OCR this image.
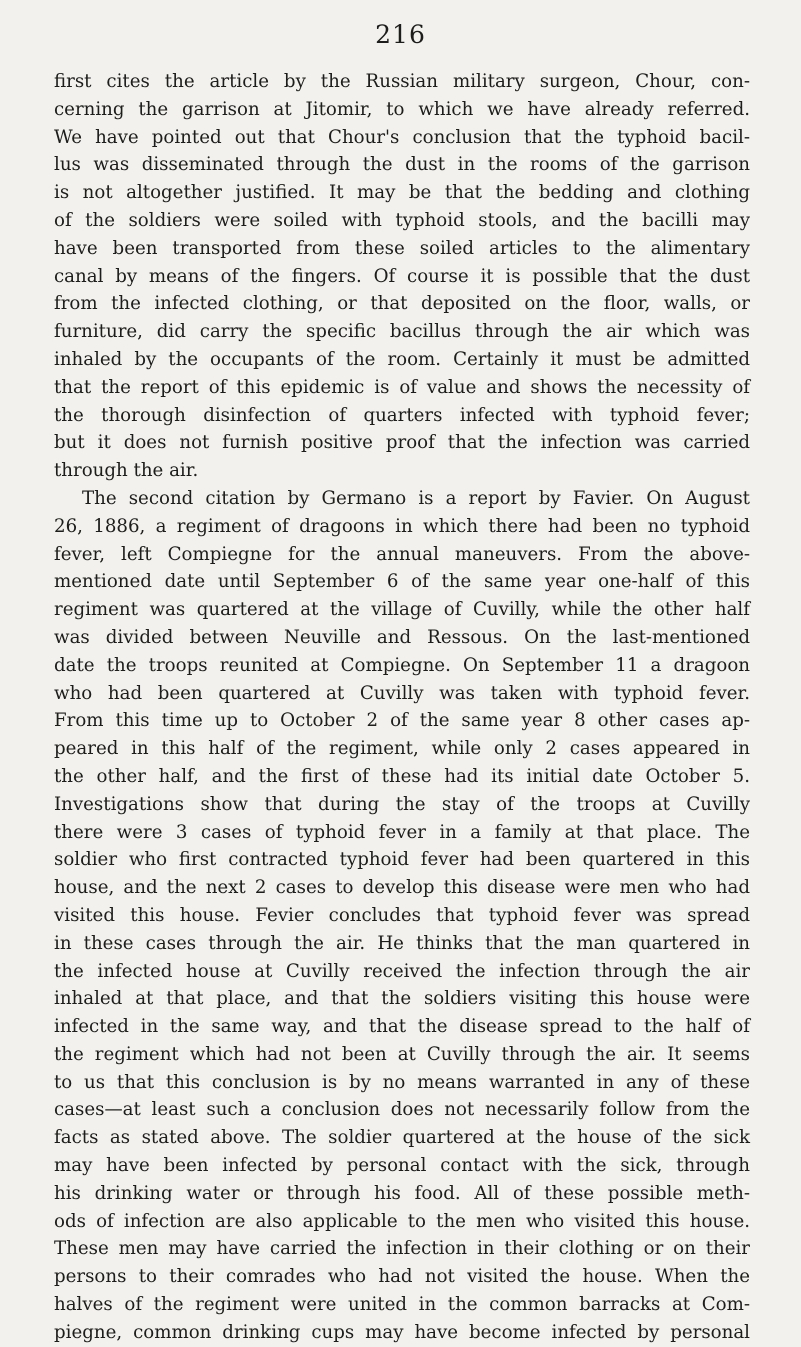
216
first cites the article by the Russian military surgeon, Chour, con-
cerning the garrison at Jitomir, to which we have already referred.
We have pointed out that Chour's conclusion that the typhoid bacil-
lus was disseminated through the dust in the rooms of the garrison
is not altogether justified. It may be that the bedding and clothing
of the soldiers were soiled with typhoid stools, and the bacilli may
have been transported from these soiled articles to the alimentary
canal by means of the fingers. Of course it is possible that the dust
from the infected clothing, or that deposited on the floor, walls, or
furniture, did carry the specific bacillus through the air which was
inhaled by the occupants of the room. Certainly it must be admitted
that the report of this epidemic is of value and shows the necessity of
the thorough disinfection of quarters infected with typhoid fever;
but it does not furnish positive proof that the infection was carried
through the air.
The second citation by Germano is a report by Favier. On August
26, 1886, a regiment of dragoons in which there had been no typhoid
fever, left Compiegne for the annual maneuvers. From the above-
mentioned date until September 6 of the same year one-half of this
regiment was quartered at the village of Cuvilly, while the other half
was divided between Neuville and Ressous. On the last-mentioned
date the troops reunited at Compiegne. On September 11 a dragoon
who had been quartered at Cuvilly was taken with typhoid fever.
From this time up to October 2 of the same year 8 other cases ap-
peared in this half of the regiment, while only 2 cases appeared in
the other half, and the first of these had its initial date October 5.
Investigations show that during the stay of the troops at Cuvilly
there were 3 cases of typhoid fever in a family at that place. The
soldier who first contracted typhoid fever had been quartered in this
house, and the next 2 cases to develop this disease were men who had
visited this house. Fevier concludes that typhoid fever was spread
in these cases through the air. He thinks that the man quartered in
the infected house at Cuvilly received the infection through the air
inhaled at that place, and that the soldiers visiting this house were
infected in the same way, and that the disease spread to the half of
the regiment which had not been at Cuvilly through the air. It seems
to us that this conclusion is by no means warranted in any of these
cases—at least such a conclusion does not necessarily follow from the
facts as stated above. The soldier quartered at the house of the sick
may have been infected by personal contact with the sick, through
his drinking water or through his food. All of these possible meth-
ods of infection are also applicable to the men who visited this house.
These men may have carried the infection in their clothing or on their
persons to their comrades who had not visited the house. When the
halves of the regiment were united in the common barracks at Com-
piegne, common drinking cups may have become infected by personal
